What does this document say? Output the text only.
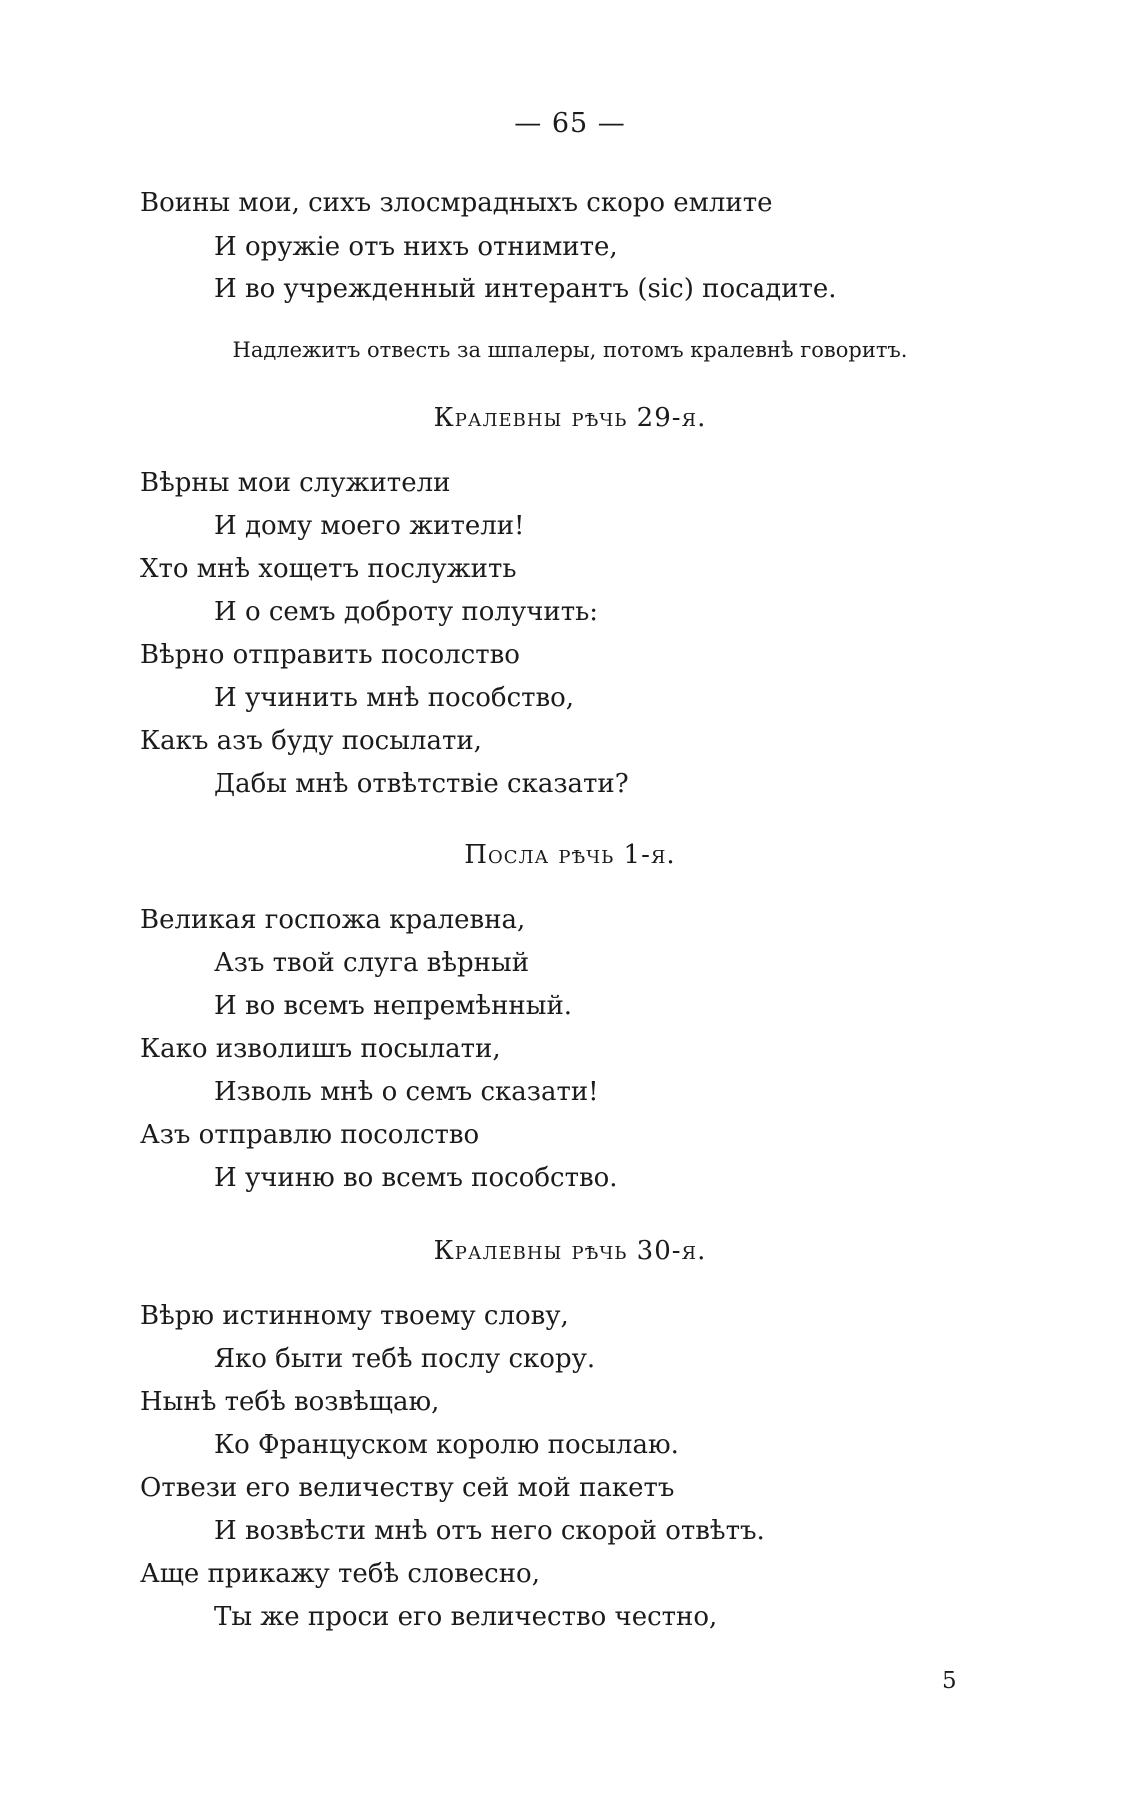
— 65 —

Воины мои, сихъ злосмрадныхъ скоро емлите

И оружіе отъ нихъ отнимите,

И во учрежденный интерантъ (sic) посадите.

Надлежитъ отвесть за шпалеры, потомъ кралевнѣ говоритъ.
Кралевны рѣчь 29-я.

Вѣрны мои служители

И дому моего жители!

Хто мнѣ хощетъ послужить

И о семъ доброту получить:

Вѣрно отправить посолство

И учинить мнѣ пособство,

Какъ азъ буду посылати,

Дабы мнѣ отвѣтствіе сказати?

Посла рѣчь 1-я.

Великая госпожа кралевна,

Азъ твой слуга вѣрный

И во всемъ непремѣнный.

Како изволишъ посылати,

Изволь мнѣ о семъ сказати!

Азъ отправлю посолство

И учиню во всемъ пособство.

Кралевны рѣчь 30-я.

Вѣрю истинному твоему слову,

Яко быти тебѣ послу скору.

Нынѣ тебѣ возвѣщаю,

Ко Француском королю посылаю.

Отвези его величеству сей мой пакетъ

И возвѣсти мнѣ отъ него скорой отвѣтъ.

Аще прикажу тебѣ словесно,

Ты же проси его величество честно,

5
